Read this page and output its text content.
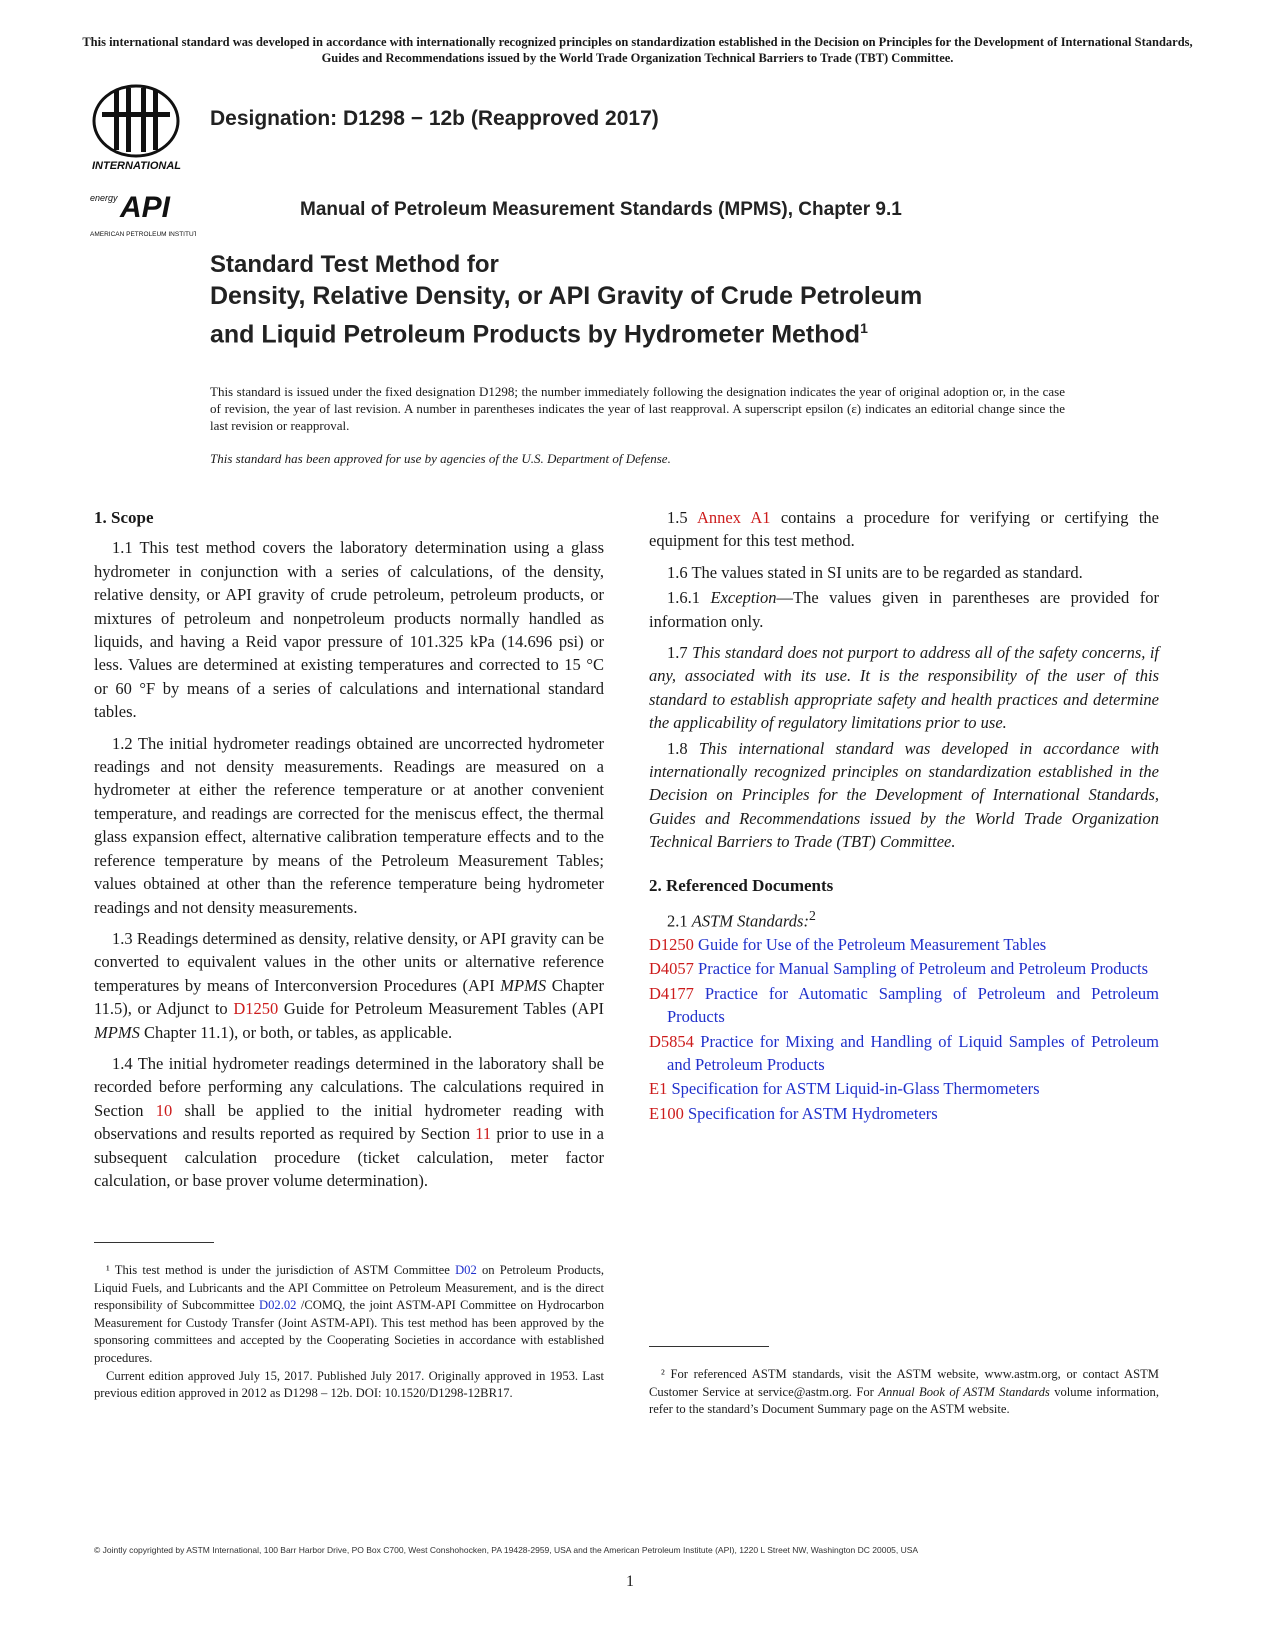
This international standard was developed in accordance with internationally recognized principles on standardization established in the Decision on Principles for the Development of International Standards, Guides and Recommendations issued by the World Trade Organization Technical Barriers to Trade (TBT) Committee.
INTERNATIONAL
energy API
AMERICAN PETROLEUM INSTITUTE
Designation: D1298 − 12b (Reapproved 2017)
Manual of Petroleum Measurement Standards (MPMS), Chapter 9.1
Standard Test Method for
Density, Relative Density, or API Gravity of Crude Petroleum
and Liquid Petroleum Products by Hydrometer Method$^1$
This standard is issued under the fixed designation D1298; the number immediately following the designation indicates the year of original adoption or, in the case of revision, the year of last revision. A number in parentheses indicates the year of last reapproval. A superscript epsilon (ε) indicates an editorial change since the last revision or reapproval.
This standard has been approved for use by agencies of the U.S. Department of Defense.
1. Scope

1.1 This test method covers the laboratory determination using a glass hydrometer in conjunction with a series of calculations, of the density, relative density, or API gravity of crude petroleum, petroleum products, or mixtures of petroleum and nonpetroleum products normally handled as liquids, and having a Reid vapor pressure of 101.325 kPa (14.696 psi) or less. Values are determined at existing temperatures and corrected to 15 °C or 60 °F by means of a series of calculations and international standard tables.

1.2 The initial hydrometer readings obtained are uncorrected hydrometer readings and not density measurements. Readings are measured on a hydrometer at either the reference temperature or at another convenient temperature, and readings are corrected for the meniscus effect, the thermal glass expansion effect, alternative calibration temperature effects and to the reference temperature by means of the Petroleum Measurement Tables; values obtained at other than the reference temperature being hydrometer readings and not density measurements.

1.3 Readings determined as density, relative density, or API gravity can be converted to equivalent values in the other units or alternative reference temperatures by means of Interconversion Procedures (API MPMS Chapter 11.5), or Adjunct to D1250 Guide for Petroleum Measurement Tables (API MPMS Chapter 11.1), or both, or tables, as applicable.

1.4 The initial hydrometer readings determined in the laboratory shall be recorded before performing any calculations. The calculations required in Section 10 shall be applied to the initial hydrometer reading with observations and results reported as required by Section 11 prior to use in a subsequent calculation procedure (ticket calculation, meter factor calculation, or base prover volume determination).

1.5 Annex A1 contains a procedure for verifying or certifying the equipment for this test method.

1.6 The values stated in SI units are to be regarded as standard.

1.6.1 Exception—The values given in parentheses are provided for information only.

1.7 This standard does not purport to address all of the safety concerns, if any, associated with its use. It is the responsibility of the user of this standard to establish appropriate safety and health practices and determine the applicability of regulatory limitations prior to use.

1.8 This international standard was developed in accordance with internationally recognized principles on standardization established in the Decision on Principles for the Development of International Standards, Guides and Recommendations issued by the World Trade Organization Technical Barriers to Trade (TBT) Committee.

2. Referenced Documents

2.1 ASTM Standards:$^2$

D1250 Guide for Use of the Petroleum Measurement Tables
D4057 Practice for Manual Sampling of Petroleum and Petroleum Products
D4177 Practice for Automatic Sampling of Petroleum and Petroleum Products
D5854 Practice for Mixing and Handling of Liquid Samples of Petroleum and Petroleum Products
E1 Specification for ASTM Liquid-in-Glass Thermometers
E100 Specification for ASTM Hydrometers

¹ This test method is under the jurisdiction of ASTM Committee D02 on Petroleum Products, Liquid Fuels, and Lubricants and the API Committee on Petroleum Measurement, and is the direct responsibility of Subcommittee D02.02 /COMQ, the joint ASTM-API Committee on Hydrocarbon Measurement for Custody Transfer (Joint ASTM-API). This test method has been approved by the sponsoring committees and accepted by the Cooperating Societies in accordance with established procedures.

Current edition approved July 15, 2017. Published July 2017. Originally approved in 1953. Last previous edition approved in 2012 as D1298 – 12b. DOI: 10.1520/D1298-12BR17.

² For referenced ASTM standards, visit the ASTM website, www.astm.org, or contact ASTM Customer Service at service@astm.org. For Annual Book of ASTM Standards volume information, refer to the standard’s Document Summary page on the ASTM website.

© Jointly copyrighted by ASTM International, 100 Barr Harbor Drive, PO Box C700, West Conshohocken, PA 19428-2959, USA and the American Petroleum Institute (API), 1220 L Street NW, Washington DC 20005, USA
1
